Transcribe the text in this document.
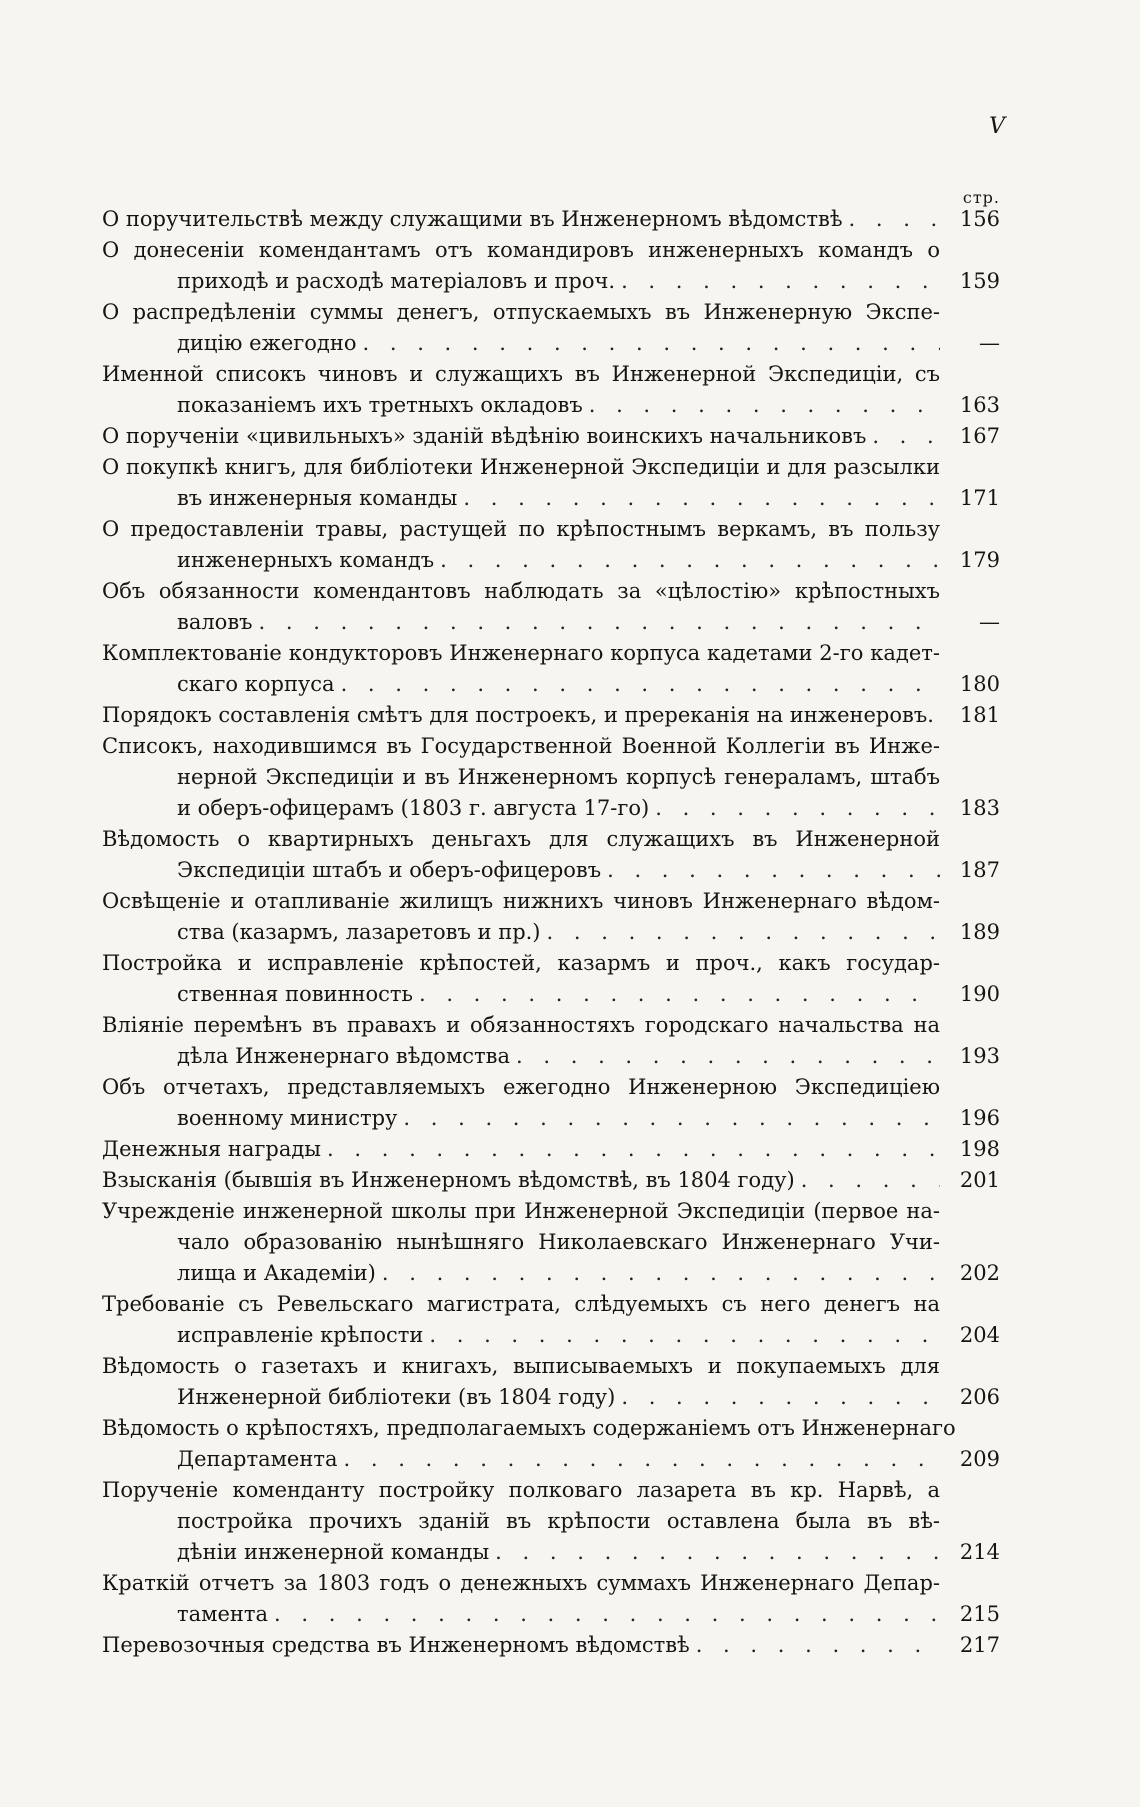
V
стр.
О поручительствѣ между служащими въ Инженерномъ вѣдомствѣ . . .	156
О донесеніи комендантамъ отъ командировъ инженерныхъ командъ о
приходѣ и расходѣ матеріаловъ и проч. . . .	159
О распредѣленіи суммы денегъ, отпускаемыхъ въ Инженерную Экспе-
дицію ежегодно . . .	—
Именной списокъ чиновъ и служащихъ въ Инженерной Экспедиціи, съ
показаніемъ ихъ третныхъ окладовъ . . .	163
О порученіи «цивильныхъ» зданій вѣдѣнію воинскихъ начальниковъ . . .	167
О покупкѣ книгъ, для библіотеки Инженерной Экспедиціи и для разсылки
въ инженерныя команды . . .	171
О предоставленіи травы, растущей по крѣпостнымъ веркамъ, въ пользу
инженерныхъ командъ . . .	179
Объ обязанности комендантовъ наблюдать за «цѣлостію» крѣпостныхъ
валовъ . . .	—
Комплектованіе кондукторовъ Инженернаго корпуса кадетами 2-го кадет-
скаго корпуса . . .	180
Порядокъ составленія смѣтъ для построекъ, и пререканія на инженеровъ.	181
Списокъ, находившимся въ Государственной Военной Коллегіи въ Инже-
нерной Экспедиціи и въ Инженерномъ корпусѣ генераламъ, штабъ
и оберъ-офицерамъ (1803 г. августа 17-го) . . .	183
Вѣдомость о квартирныхъ деньгахъ для служащихъ въ Инженерной
Экспедиціи штабъ и оберъ-офицеровъ . . .	187
Освѣщеніе и отапливаніе жилищъ нижнихъ чиновъ Инженернаго вѣдом-
ства (казармъ, лазаретовъ и пр.) . . .	189
Постройка и исправленіе крѣпостей, казармъ и проч., какъ государ-
ственная повинность . . .	190
Вліяніе перемѣнъ въ правахъ и обязанностяхъ городскаго начальства на
дѣла Инженернаго вѣдомства . . .	193
Объ отчетахъ, представляемыхъ ежегодно Инженерною Экспедиціею
военному министру . . .	196
Денежныя награды . . .	198
Взысканія (бывшія въ Инженерномъ вѣдомствѣ, въ 1804 году) . . .	201
Учрежденіе инженерной школы при Инженерной Экспедиціи (первое на-
чало образованію нынѣшняго Николаевскаго Инженернаго Учи-
лища и Академіи) . . .	202
Требованіе съ Ревельскаго магистрата, слѣдуемыхъ съ него денегъ на
исправленіе крѣпости . . .	204
Вѣдомость о газетахъ и книгахъ, выписываемыхъ и покупаемыхъ для
Инженерной библіотеки (въ 1804 году) . . .	206
Вѣдомость о крѣпостяхъ, предполагаемыхъ содержаніемъ отъ Инженернаго
Департамента . . .	209
Порученіе коменданту постройку полковаго лазарета въ кр. Нарвѣ, а
постройка прочихъ зданій въ крѣпости оставлена была въ вѣ-
дѣніи инженерной команды . . .	214
Краткій отчетъ за 1803 годъ о денежныхъ суммахъ Инженернаго Депар-
тамента . . .	215
Перевозочныя средства въ Инженерномъ вѣдомствѣ . . .	217
